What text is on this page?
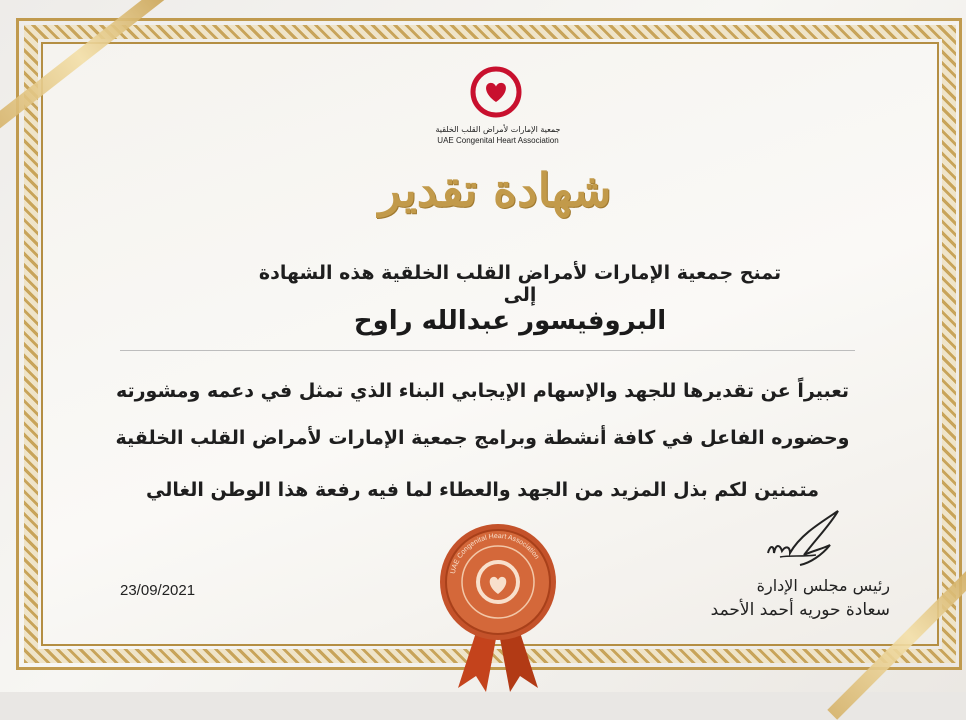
جمعية الإمارات لأمراض القلب الخلقية
UAE Congenital Heart Association
شهادة تقدير
تمنح جمعية الإمارات لأمراض القلب الخلقية هذه الشهادة إلى
البروفيسور عبدالله راوح
تعبيراً عن تقديرها للجهد والإسهام الإيجابي البناء الذي تمثل في دعمه ومشورته
وحضوره الفاعل في كافة أنشطة وبرامج جمعية الإمارات لأمراض القلب الخلقية
متمنين لكم بذل المزيد من الجهد والعطاء لما فيه رفعة هذا الوطن الغالي
رئيس مجلس الإدارة
سعادة حوريه أحمد الأحمد
23/09/2021
UAE Congenital Heart Association
